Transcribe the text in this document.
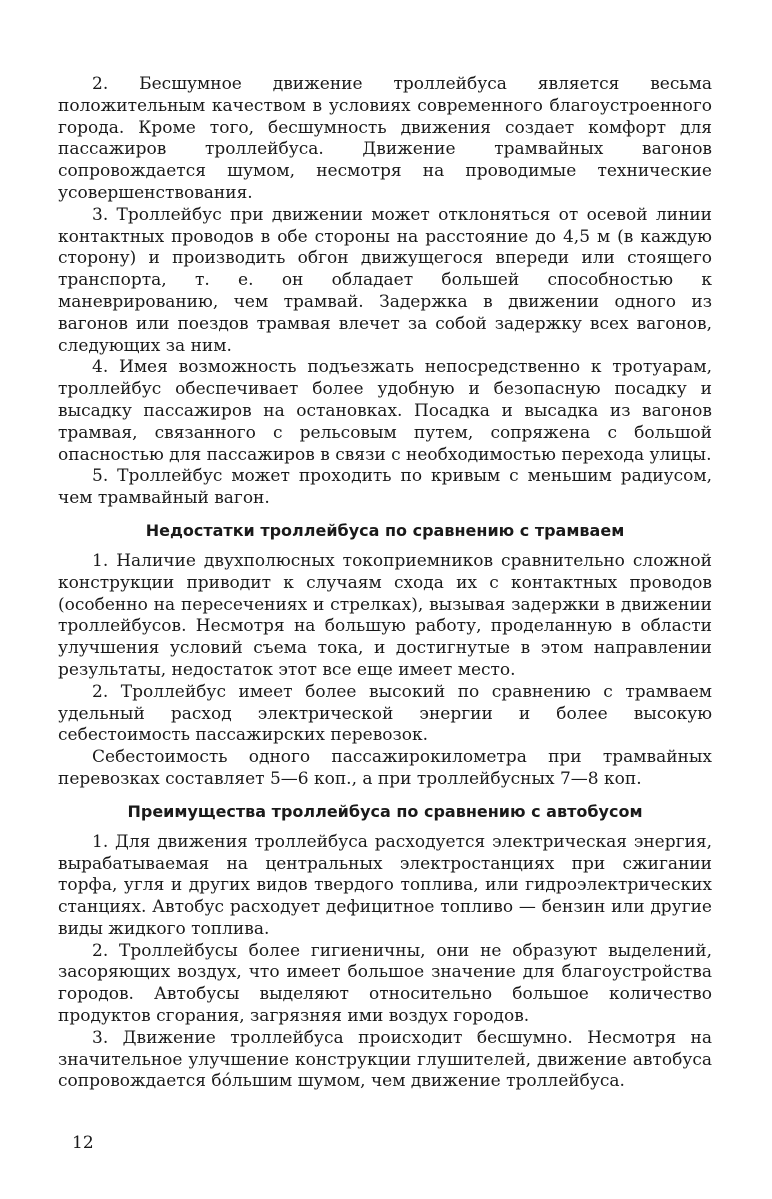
2. Бесшумное движение троллейбуса является весьма положительным качеством в условиях современного благоустроенного города. Кроме того, бесшумность движения создает комфорт для пассажиров троллейбуса. Движение трамвайных вагонов сопровождается шумом, несмотря на проводимые технические усовершенствования.

3. Троллейбус при движении может отклоняться от осевой линии контактных проводов в обе стороны на расстояние до 4,5 м (в каждую сторону) и производить обгон движущегося впереди или стоящего транспорта, т. е. он обладает большей способностью к маневрированию, чем трамвай. Задержка в движении одного из вагонов или поездов трамвая влечет за собой задержку всех вагонов, следующих за ним.

4. Имея возможность подъезжать непосредственно к тротуарам, троллейбус обеспечивает более удобную и безопасную посадку и высадку пассажиров на остановках. Посадка и высадка из вагонов трамвая, связанного с рельсовым путем, сопряжена с большой опасностью для пассажиров в связи с необходимостью перехода улицы.

5. Троллейбус может проходить по кривым с меньшим радиусом, чем трамвайный вагон.

Недостатки троллейбуса по сравнению с трамваем

1. Наличие двухполюсных токоприемников сравнительно сложной конструкции приводит к случаям схода их с контактных проводов (особенно на пересечениях и стрелках), вызывая задержки в движении троллейбусов. Несмотря на большую работу, проделанную в области улучшения условий съема тока, и достигнутые в этом направлении результаты, недостаток этот все еще имеет место.

2. Троллейбус имеет более высокий по сравнению с трамваем удельный расход электрической энергии и более высокую себестоимость пассажирских перевозок.

Себестоимость одного пассажирокилометра при трамвайных перевозках составляет 5—6 коп., а при троллейбусных 7—8 коп.

Преимущества троллейбуса по сравнению с автобусом

1. Для движения троллейбуса расходуется электрическая энергия, вырабатываемая на центральных электростанциях при сжигании торфа, угля и других видов твердого топлива, или гидроэлектрических станциях. Автобус расходует дефицитное топливо — бензин или другие виды жидкого топлива.

2. Троллейбусы более гигиеничны, они не образуют выделений, засоряющих воздух, что имеет большое значение для благоустройства городов. Автобусы выделяют относительно большое количество продуктов сгорания, загрязняя ими воздух городов.

3. Движение троллейбуса происходит бесшумно. Несмотря на значительное улучшение конструкции глушителей, движение автобуса сопровождается бо́льшим шумом, чем движение троллейбуса.

12
